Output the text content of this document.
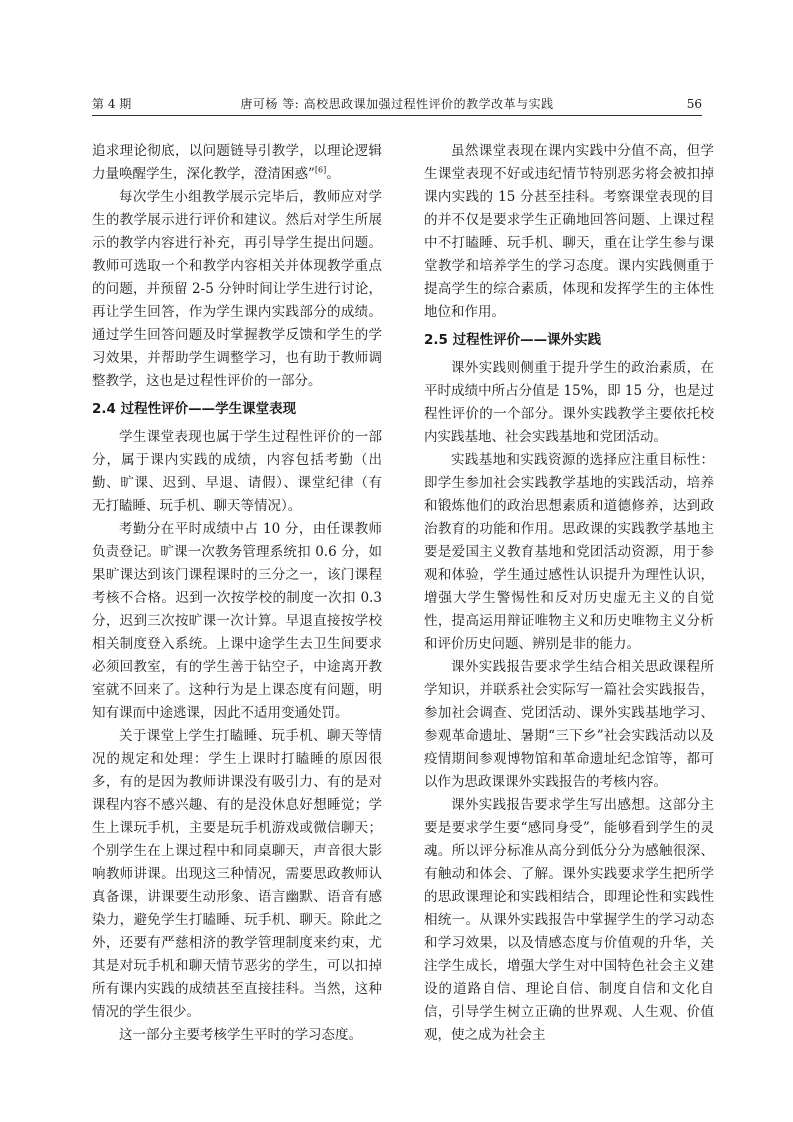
第 4 期	唐可杨 等: 高校思政课加强过程性评价的教学改革与实践	56

追求理论彻底，以问题链导引教学，以理论逻辑力量唤醒学生，深化教学，澄清困惑”[6]。

每次学生小组教学展示完毕后，教师应对学生的教学展示进行评价和建议。然后对学生所展示的教学内容进行补充，再引导学生提出问题。教师可选取一个和教学内容相关并体现教学重点的问题，并预留 2-5 分钟时间让学生进行讨论，再让学生回答，作为学生课内实践部分的成绩。通过学生回答问题及时掌握教学反馈和学生的学习效果，并帮助学生调整学习，也有助于教师调整教学，这也是过程性评价的一部分。

2.4 过程性评价——学生课堂表现

学生课堂表现也属于学生过程性评价的一部分，属于课内实践的成绩，内容包括考勤（出勤、旷课、迟到、早退、请假）、课堂纪律（有无打瞌睡、玩手机、聊天等情况）。

考勤分在平时成绩中占 10 分，由任课教师负责登记。旷课一次教务管理系统扣 0.6 分，如果旷课达到该门课程课时的三分之一，该门课程考核不合格。迟到一次按学校的制度一次扣 0.3 分，迟到三次按旷课一次计算。早退直接按学校相关制度登入系统。上课中途学生去卫生间要求必须回教室，有的学生善于钻空子，中途离开教室就不回来了。这种行为是上课态度有问题，明知有课而中途逃课，因此不适用变通处罚。

关于课堂上学生打瞌睡、玩手机、聊天等情况的规定和处理：学生上课时打瞌睡的原因很多，有的是因为教师讲课没有吸引力、有的是对课程内容不感兴趣、有的是没休息好想睡觉；学生上课玩手机，主要是玩手机游戏或微信聊天；个别学生在上课过程中和同桌聊天，声音很大影响教师讲课。出现这三种情况，需要思政教师认真备课，讲课要生动形象、语言幽默、语音有感染力，避免学生打瞌睡、玩手机、聊天。除此之外，还要有严慈相济的教学管理制度来约束，尤其是对玩手机和聊天情节恶劣的学生，可以扣掉所有课内实践的成绩甚至直接挂科。当然，这种情况的学生很少。

这一部分主要考核学生平时的学习态度。

虽然课堂表现在课内实践中分值不高，但学生课堂表现不好或违纪情节特别恶劣将会被扣掉课内实践的 15 分甚至挂科。考察课堂表现的目的并不仅是要求学生正确地回答问题、上课过程中不打瞌睡、玩手机、聊天，重在让学生参与课堂教学和培养学生的学习态度。课内实践侧重于提高学生的综合素质，体现和发挥学生的主体性地位和作用。

2.5 过程性评价——课外实践

课外实践则侧重于提升学生的政治素质，在平时成绩中所占分值是 15%，即 15 分，也是过程性评价的一个部分。课外实践教学主要依托校内实践基地、社会实践基地和党团活动。

实践基地和实践资源的选择应注重目标性：即学生参加社会实践教学基地的实践活动，培养和锻炼他们的政治思想素质和道德修养，达到政治教育的功能和作用。思政课的实践教学基地主要是爱国主义教育基地和党团活动资源，用于参观和体验，学生通过感性认识提升为理性认识，增强大学生警惕性和反对历史虚无主义的自觉性，提高运用辩证唯物主义和历史唯物主义分析和评价历史问题、辨别是非的能力。

课外实践报告要求学生结合相关思政课程所学知识，并联系社会实际写一篇社会实践报告，参加社会调查、党团活动、课外实践基地学习、参观革命遗址、暑期“三下乡”社会实践活动以及疫情期间参观博物馆和革命遗址纪念馆等，都可以作为思政课课外实践报告的考核内容。

课外实践报告要求学生写出感想。这部分主要是要求学生要“感同身受”，能够看到学生的灵魂。所以评分标准从高分到低分分为感触很深、有触动和体会、了解。课外实践要求学生把所学的思政课理论和实践相结合，即理论性和实践性相统一。从课外实践报告中掌握学生的学习动态和学习效果，以及情感态度与价值观的升华，关注学生成长，增强大学生对中国特色社会主义建设的道路自信、理论自信、制度自信和文化自信，引导学生树立正确的世界观、人生观、价值观，使之成为社会主
